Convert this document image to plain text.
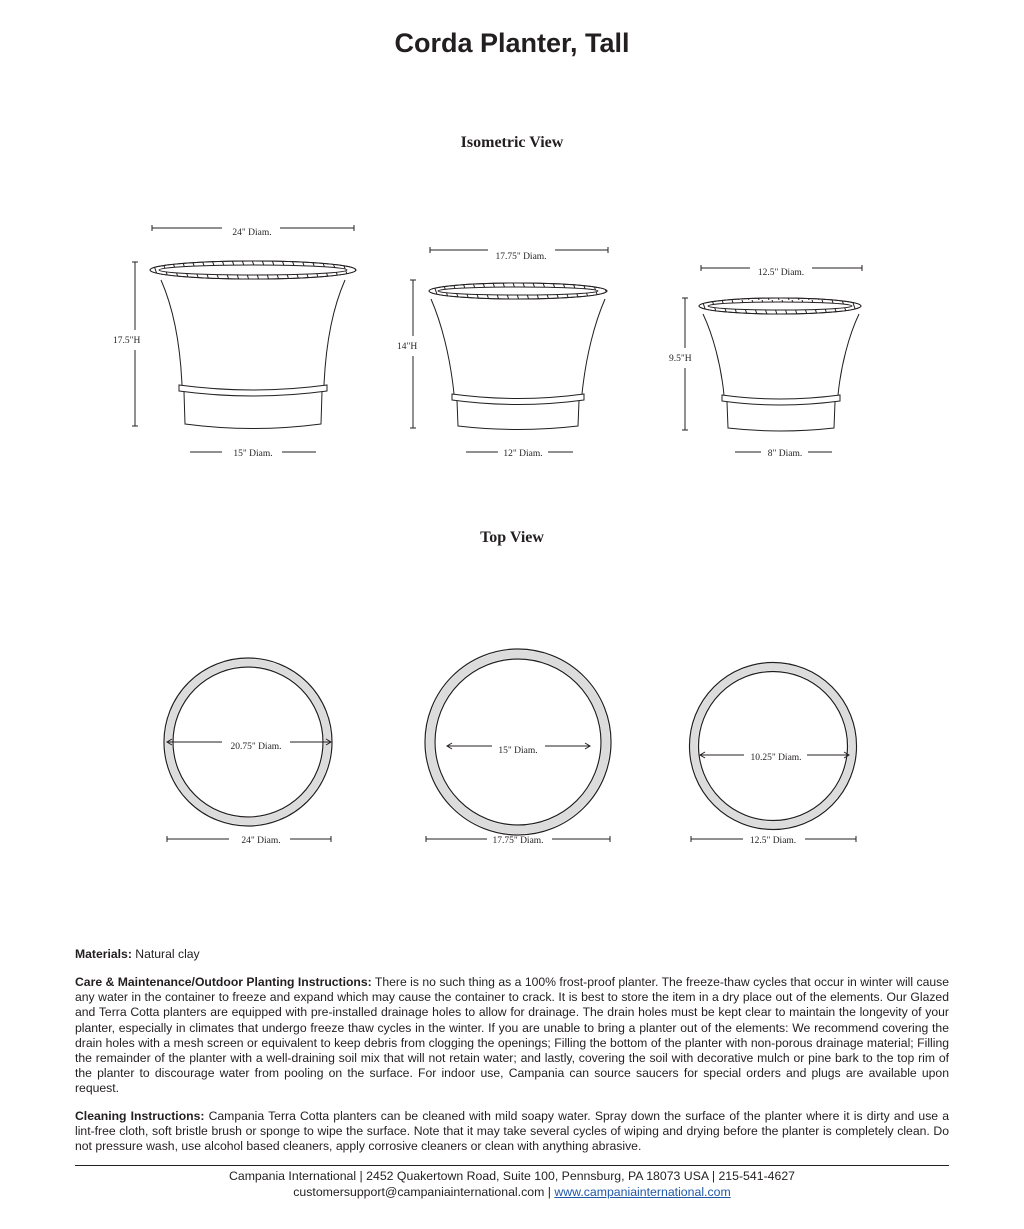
Corda Planter, Tall
Isometric View
Top View
24" Diam.
17.5"H
15" Diam.
17.75" Diam.
14"H
12" Diam.
12.5" Diam.
9.5"H
8" Diam.
20.75" Diam.
24" Diam.
15" Diam.
17.75" Diam.
10.25" Diam.
12.5" Diam.
Materials: Natural clay
Care & Maintenance/Outdoor Planting Instructions: There is no such thing as a 100% frost-proof planter. The freeze-thaw cycles that occur in winter will cause any water in the container to freeze and expand which may cause the container to crack. It is best to store the item in a dry place out of the elements. Our Glazed and Terra Cotta planters are equipped with pre-installed drainage holes to allow for drainage. The drain holes must be kept clear to maintain the longevity of your planter, especially in climates that undergo freeze thaw cycles in the winter. If you are unable to bring a planter out of the elements: We recommend covering the drain holes with a mesh screen or equivalent to keep debris from clogging the openings; Filling the bottom of the planter with non-porous drainage material; Filling the remainder of the planter with a well-draining soil mix that will not retain water; and lastly, covering the soil with decorative mulch or pine bark to the top rim of the planter to discourage water from pooling on the surface. For indoor use, Campania can source saucers for special orders and plugs are available upon request.
Cleaning Instructions: Campania Terra Cotta planters can be cleaned with mild soapy water. Spray down the surface of the planter where it is dirty and use a lint-free cloth, soft bristle brush or sponge to wipe the surface. Note that it may take several cycles of wiping and drying before the planter is completely clean. Do not pressure wash, use alcohol based cleaners, apply corrosive cleaners or clean with anything abrasive.
Campania International | 2452 Quakertown Road, Suite 100, Pennsburg, PA 18073 USA | 215-541-4627
customersupport@campaniainternational.com | www.campaniainternational.com
